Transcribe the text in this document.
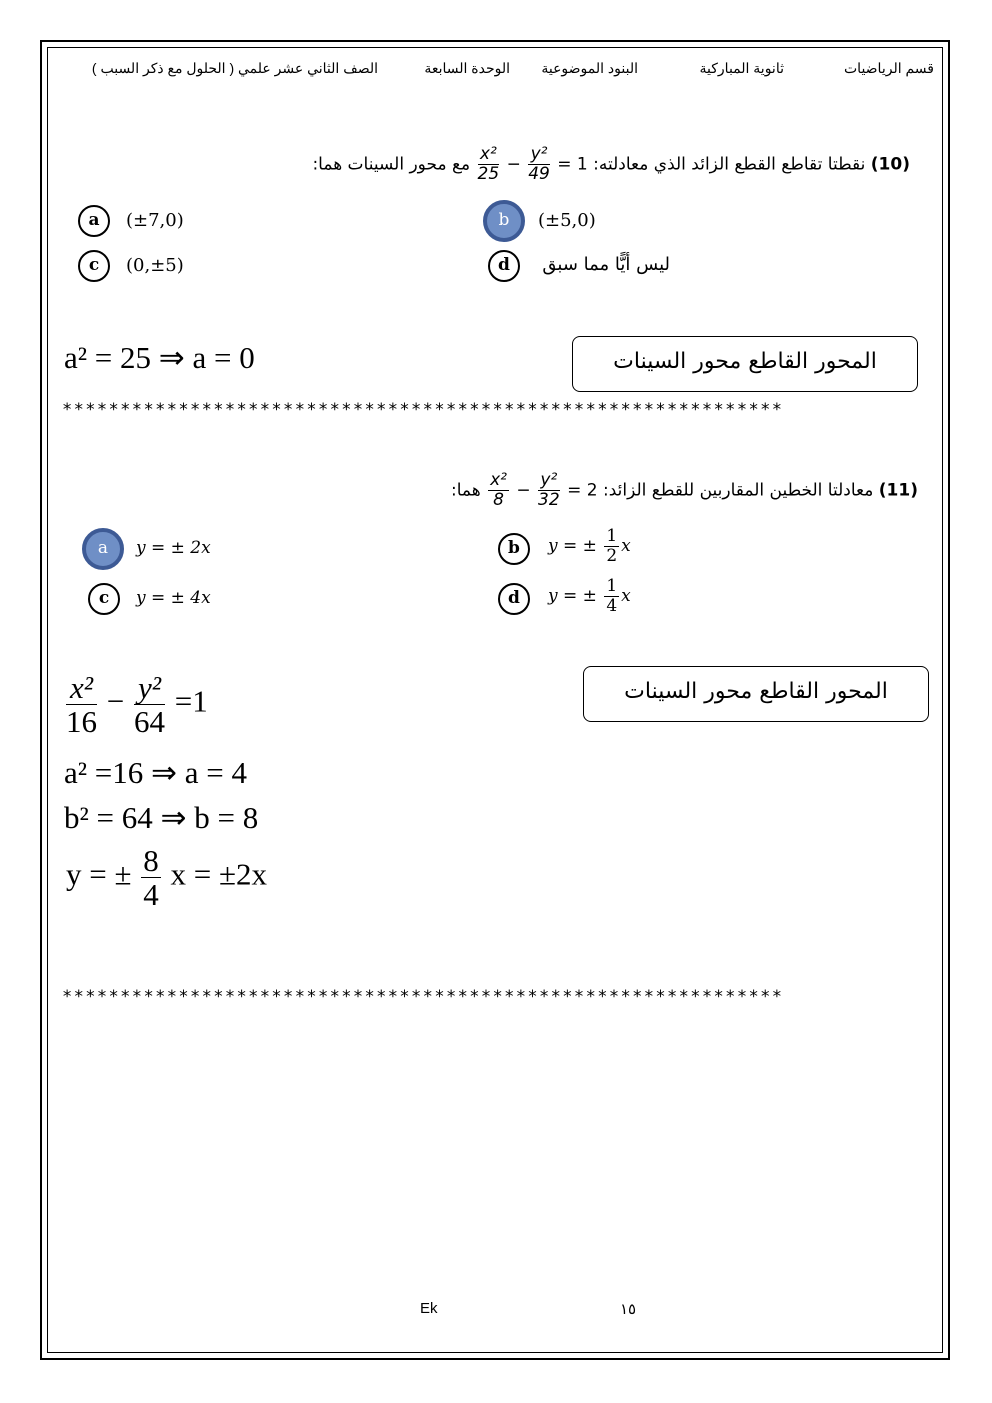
قسم الرياضيات
ثانوية المباركية
البنود الموضوعية
الوحدة السابعة
الصف الثاني عشر علمي ( الحلول مع ذكر السبب )
(10) نقطتا تقاطع القطع الزائد الذي معادلته:
$\frac{\text{x²}}{25} - \frac{\text{y²}}{49} = 1$ مع محور السينات هما:
a	(±7,0)	b	(±5,0)
c	(0,±5)	d	ليس أيًّا مما سبق
a² = 25 ⇒ a = 0	المحور القاطع محور السينات
**************************************************************
(11) معادلتا الخطين المقاربين للقطع الزائد:
$\frac{\text{x²}}{8} - \frac{\text{y²}}{32} = 2$ هما:
a	y = ± 2x	b	y = ± $\frac{1}{2}$ x
c	y = ± 4x	d	y = ± $\frac{1}{4}$ x
المحور القاطع محور السينات
$\frac{\text{x²}}{16} - \frac{\text{y²}}{64} =1$
a² =16 ⇒ a = 4
b² = 64 ⇒ b = 8
y = ± $\frac{8}{4}$ x = ±2x
**************************************************************
Ek	١٥
